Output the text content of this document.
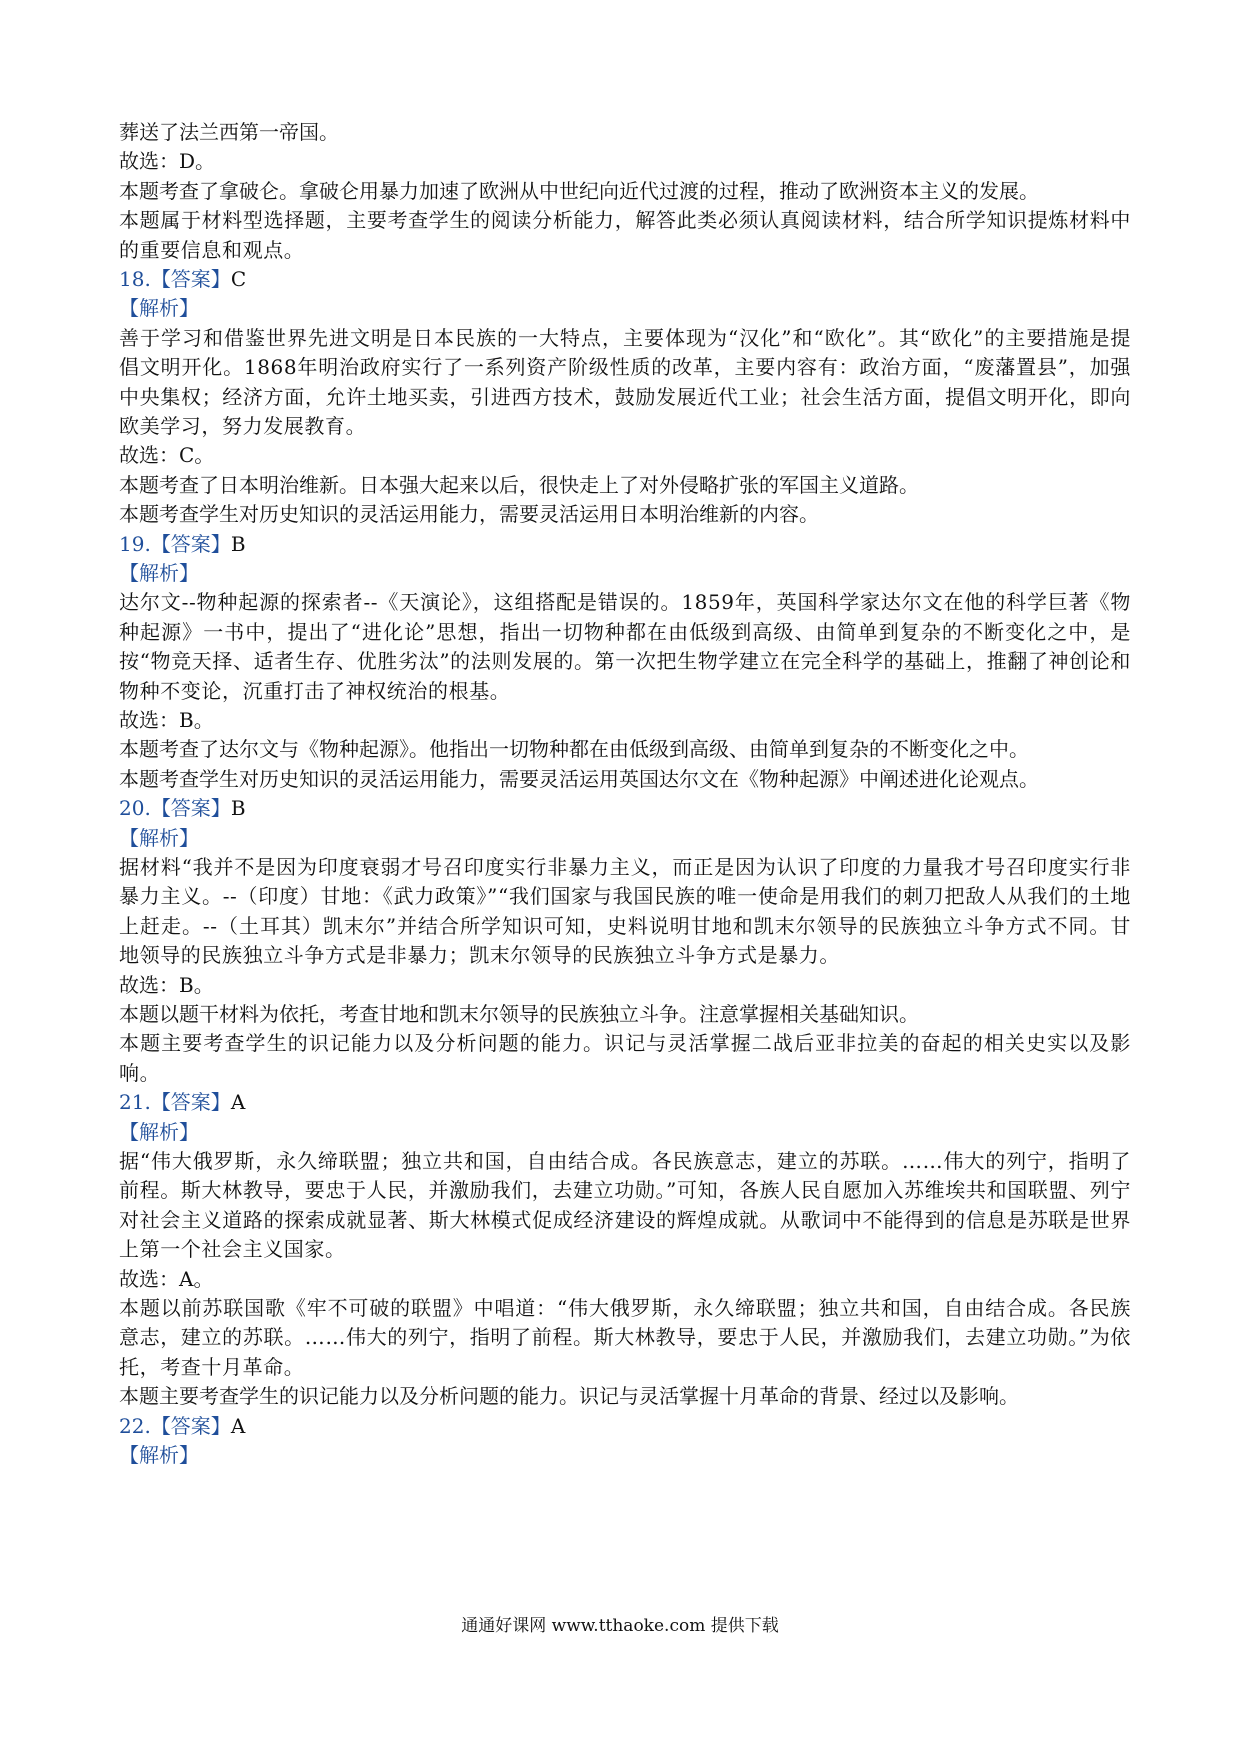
葬送了法兰西第一帝国。
故选：D。
本题考查了拿破仑。拿破仑用暴力加速了欧洲从中世纪向近代过渡的过程，推动了欧洲资本主义的发展。
本题属于材料型选择题，主要考查学生的阅读分析能力，解答此类必须认真阅读材料，结合所学知识提炼材料中的重要信息和观点。
18.【答案】C
【解析】
善于学习和借鉴世界先进文明是日本民族的一大特点，主要体现为“汉化”和“欧化”。其“欧化”的主要措施是提倡文明开化。1868年明治政府实行了一系列资产阶级性质的改革，主要内容有：政治方面，“废藩置县”，加强中央集权；经济方面，允许土地买卖，引进西方技术，鼓励发展近代工业；社会生活方面，提倡文明开化，即向欧美学习，努力发展教育。
故选：C。
本题考查了日本明治维新。日本强大起来以后，很快走上了对外侵略扩张的军国主义道路。
本题考查学生对历史知识的灵活运用能力，需要灵活运用日本明治维新的内容。
19.【答案】B
【解析】
达尔文--物种起源的探索者--《天演论》，这组搭配是错误的。1859年，英国科学家达尔文在他的科学巨著《物种起源》一书中，提出了“进化论”思想，指出一切物种都在由低级到高级、由简单到复杂的不断变化之中，是按“物竞天择、适者生存、优胜劣汰”的法则发展的。第一次把生物学建立在完全科学的基础上，推翻了神创论和物种不变论，沉重打击了神权统治的根基。
故选：B。
本题考查了达尔文与《物种起源》。他指出一切物种都在由低级到高级、由简单到复杂的不断变化之中。
本题考查学生对历史知识的灵活运用能力，需要灵活运用英国达尔文在《物种起源》中阐述进化论观点。
20.【答案】B
【解析】
据材料“我并不是因为印度衰弱才号召印度实行非暴力主义，而正是因为认识了印度的力量我才号召印度实行非暴力主义。--（印度）甘地：《武力政策》”“我们国家与我国民族的唯一使命是用我们的刺刀把敌人从我们的土地上赶走。--（土耳其）凯末尔”并结合所学知识可知，史料说明甘地和凯末尔领导的民族独立斗争方式不同。甘地领导的民族独立斗争方式是非暴力；凯末尔领导的民族独立斗争方式是暴力。
故选：B。
本题以题干材料为依托，考查甘地和凯末尔领导的民族独立斗争。注意掌握相关基础知识。
本题主要考查学生的识记能力以及分析问题的能力。识记与灵活掌握二战后亚非拉美的奋起的相关史实以及影响。
21.【答案】A
【解析】
据“伟大俄罗斯，永久缔联盟；独立共和国，自由结合成。各民族意志，建立的苏联。……伟大的列宁，指明了前程。斯大林教导，要忠于人民，并激励我们，去建立功勋。”可知，各族人民自愿加入苏维埃共和国联盟、列宁对社会主义道路的探索成就显著、斯大林模式促成经济建设的辉煌成就。从歌词中不能得到的信息是苏联是世界上第一个社会主义国家。
故选：A。
本题以前苏联国歌《牢不可破的联盟》中唱道：“伟大俄罗斯，永久缔联盟；独立共和国，自由结合成。各民族意志，建立的苏联。……伟大的列宁，指明了前程。斯大林教导，要忠于人民，并激励我们，去建立功勋。”为依托，考查十月革命。
本题主要考查学生的识记能力以及分析问题的能力。识记与灵活掌握十月革命的背景、经过以及影响。
22.【答案】A
【解析】
通通好课网 www.tthaoke.com 提供下载
